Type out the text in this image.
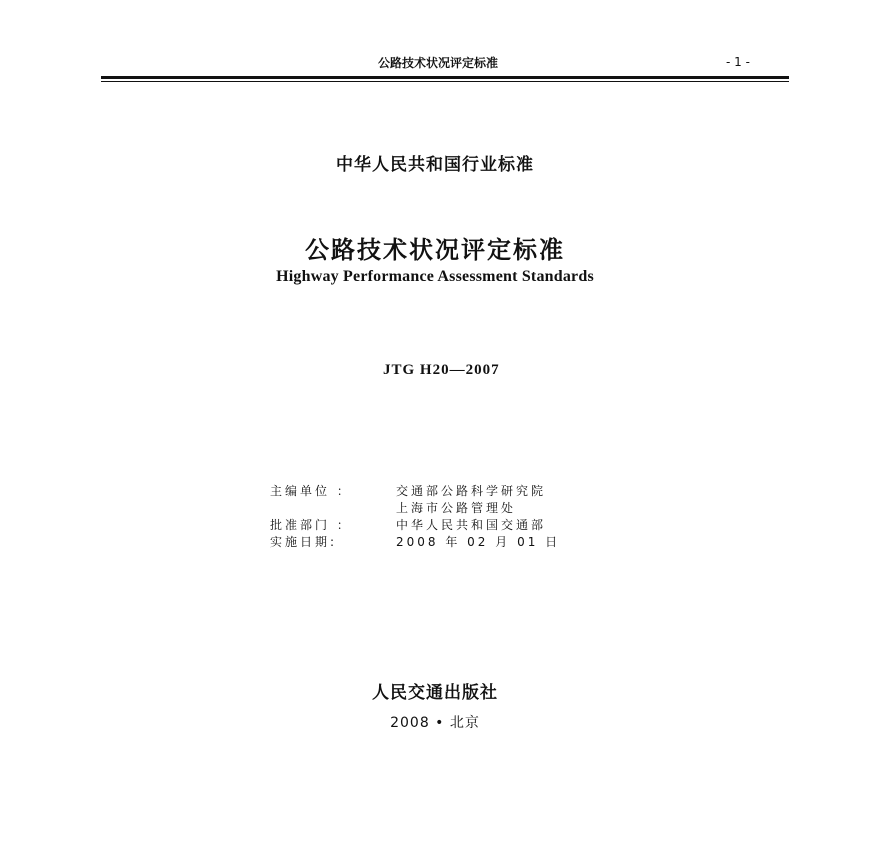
公路技术状况评定标准	- 1 -
中华人民共和国行业标准
公路技术状况评定标准
Highway Performance Assessment Standards
JTG H20—2007
主编单位 ：	交通部公路科学研究院
上海市公路管理处
批准部门 ：	中华人民共和国交通部
实施日期:	2008 年 02 月 01 日
人民交通出版社
2008 • 北京
